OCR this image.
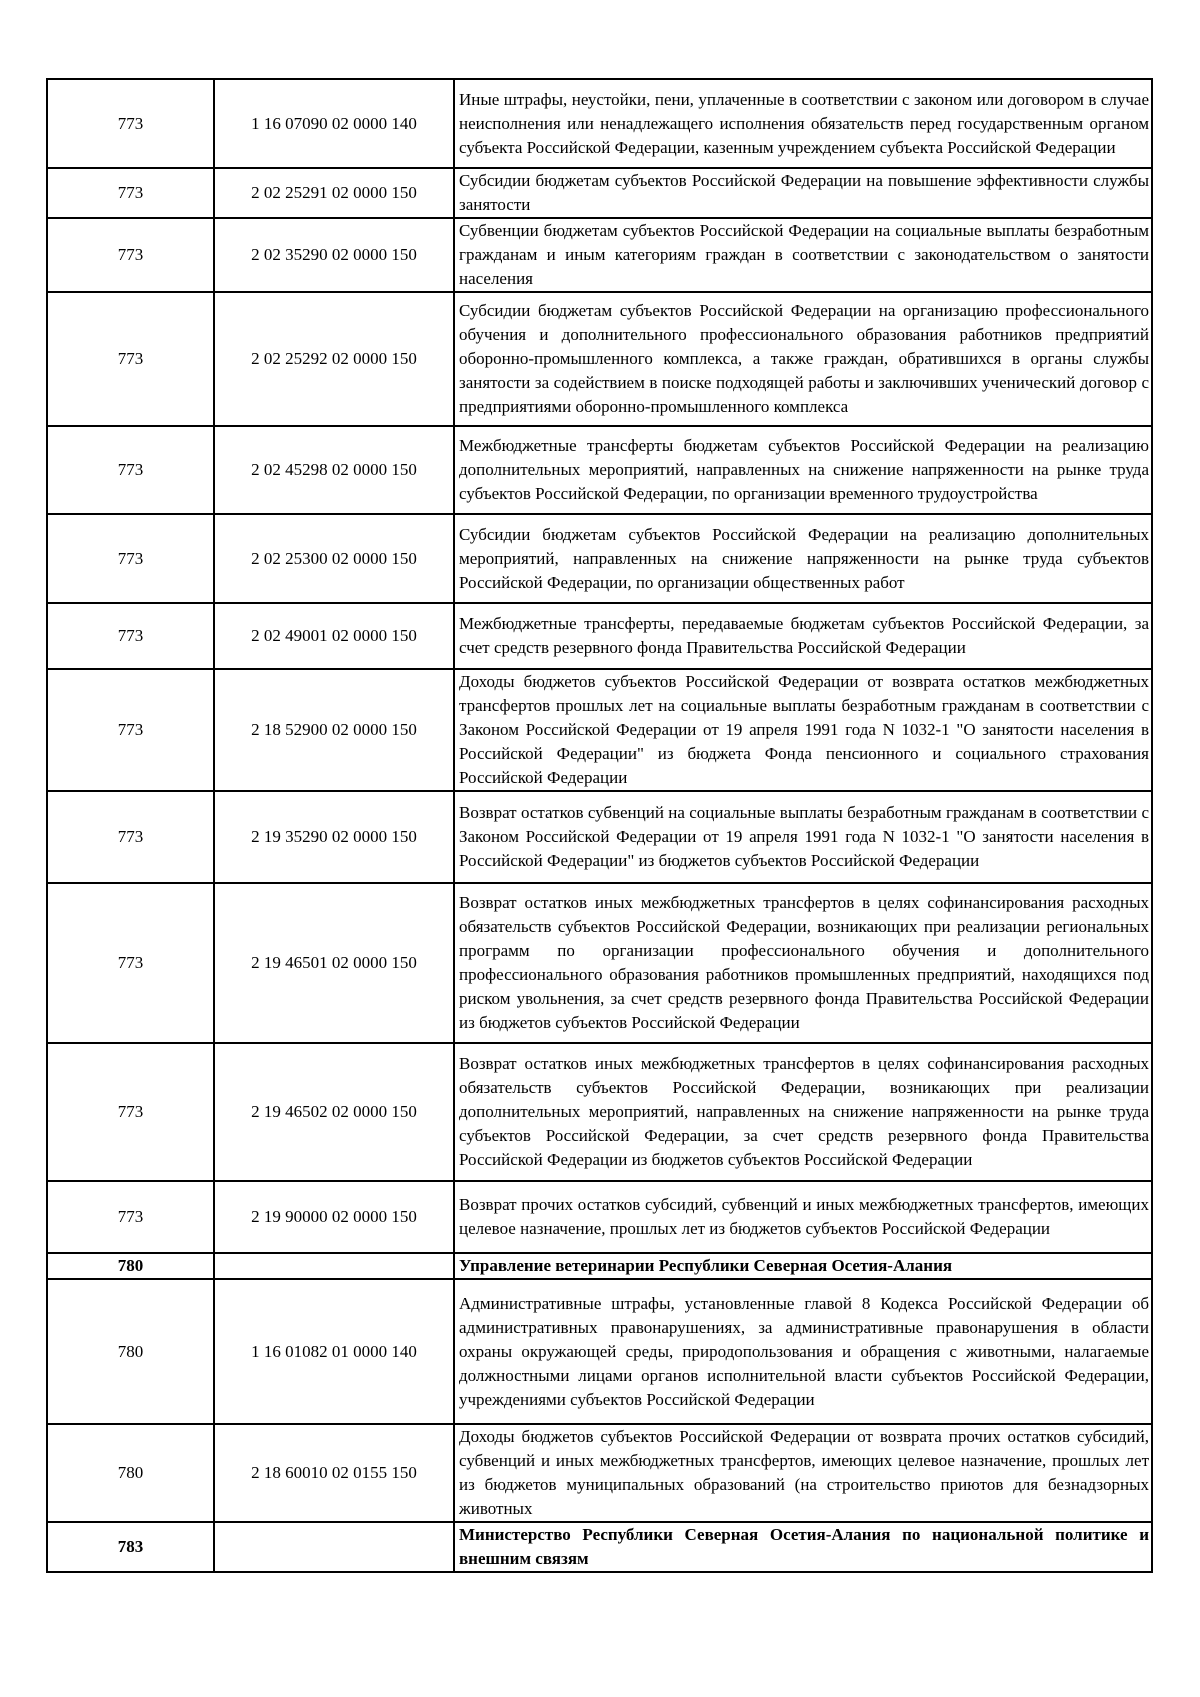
773	1 16 07090 02 0000 140	Иные штрафы, неустойки, пени, уплаченные в соответствии с законом или договором в случае неисполнения или ненадлежащего исполнения обязательств перед государственным органом субъекта Российской Федерации, казенным учреждением субъекта Российской Федерации
773	2 02 25291 02 0000 150	Субсидии бюджетам субъектов Российской Федерации на повышение эффективности службы занятости
773	2 02 35290 02 0000 150	Субвенции бюджетам субъектов Российской Федерации на социальные выплаты безработным гражданам и иным категориям граждан в соответствии с законодательством о занятости населения
773	2 02 25292 02 0000 150	Субсидии бюджетам субъектов Российской Федерации на организацию профессионального обучения и дополнительного профессионального образования работников предприятий оборонно-промышленного комплекса, а также граждан, обратившихся в органы службы занятости за содействием в поиске подходящей работы и заключивших ученический договор с предприятиями оборонно-промышленного комплекса
773	2 02 45298 02 0000 150	Межбюджетные трансферты бюджетам субъектов Российской Федерации на реализацию дополнительных мероприятий, направленных на снижение напряженности на рынке труда субъектов Российской Федерации, по организации временного трудоустройства
773	2 02 25300 02 0000 150	Субсидии бюджетам субъектов Российской Федерации на реализацию дополнительных мероприятий, направленных на снижение напряженности на рынке труда субъектов Российской Федерации, по организации общественных работ
773	2 02 49001 02 0000 150	Межбюджетные трансферты, передаваемые бюджетам субъектов Российской Федерации, за счет средств резервного фонда Правительства Российской Федерации
773	2 18 52900 02 0000 150	Доходы бюджетов субъектов Российской Федерации от возврата остатков межбюджетных трансфертов прошлых лет на социальные выплаты безработным гражданам в соответствии с Законом Российской Федерации от 19 апреля 1991 года N 1032-1 "О занятости населения в Российской Федерации" из бюджета Фонда пенсионного и социального страхования Российской Федерации
773	2 19 35290 02 0000 150	Возврат остатков субвенций на социальные выплаты безработным гражданам в соответствии с Законом Российской Федерации от 19 апреля 1991 года N 1032-1 "О занятости населения в Российской Федерации" из бюджетов субъектов Российской Федерации
773	2 19 46501 02 0000 150	Возврат остатков иных межбюджетных трансфертов в целях софинансирования расходных обязательств субъектов Российской Федерации, возникающих при реализации региональных программ по организации профессионального обучения и дополнительного профессионального образования работников промышленных предприятий, находящихся под риском увольнения, за счет средств резервного фонда Правительства Российской Федерации из бюджетов субъектов Российской Федерации
773	2 19 46502 02 0000 150	Возврат остатков иных межбюджетных трансфертов в целях софинансирования расходных обязательств субъектов Российской Федерации, возникающих при реализации дополнительных мероприятий, направленных на снижение напряженности на рынке труда субъектов Российской Федерации, за счет средств резервного фонда Правительства Российской Федерации из бюджетов субъектов Российской Федерации
773	2 19 90000 02 0000 150	Возврат прочих остатков субсидий, субвенций и иных межбюджетных трансфертов, имеющих целевое назначение, прошлых лет из бюджетов субъектов Российской Федерации
780		Управление ветеринарии Республики Северная Осетия-Алания
780	1 16 01082 01 0000 140	Административные штрафы, установленные главой 8 Кодекса Российской Федерации об административных правонарушениях, за административные правонарушения в области охраны окружающей среды, природопользования и обращения с животными, налагаемые должностными лицами органов исполнительной власти субъектов Российской Федерации, учреждениями субъектов Российской Федерации
780	2 18 60010 02 0155 150	Доходы бюджетов субъектов Российской Федерации от возврата прочих остатков субсидий, субвенций и иных межбюджетных трансфертов, имеющих целевое назначение, прошлых лет из бюджетов муниципальных образований (на строительство приютов для безнадзорных животных
783		Министерство Республики Северная Осетия-Алания по национальной политике и внешним связям
